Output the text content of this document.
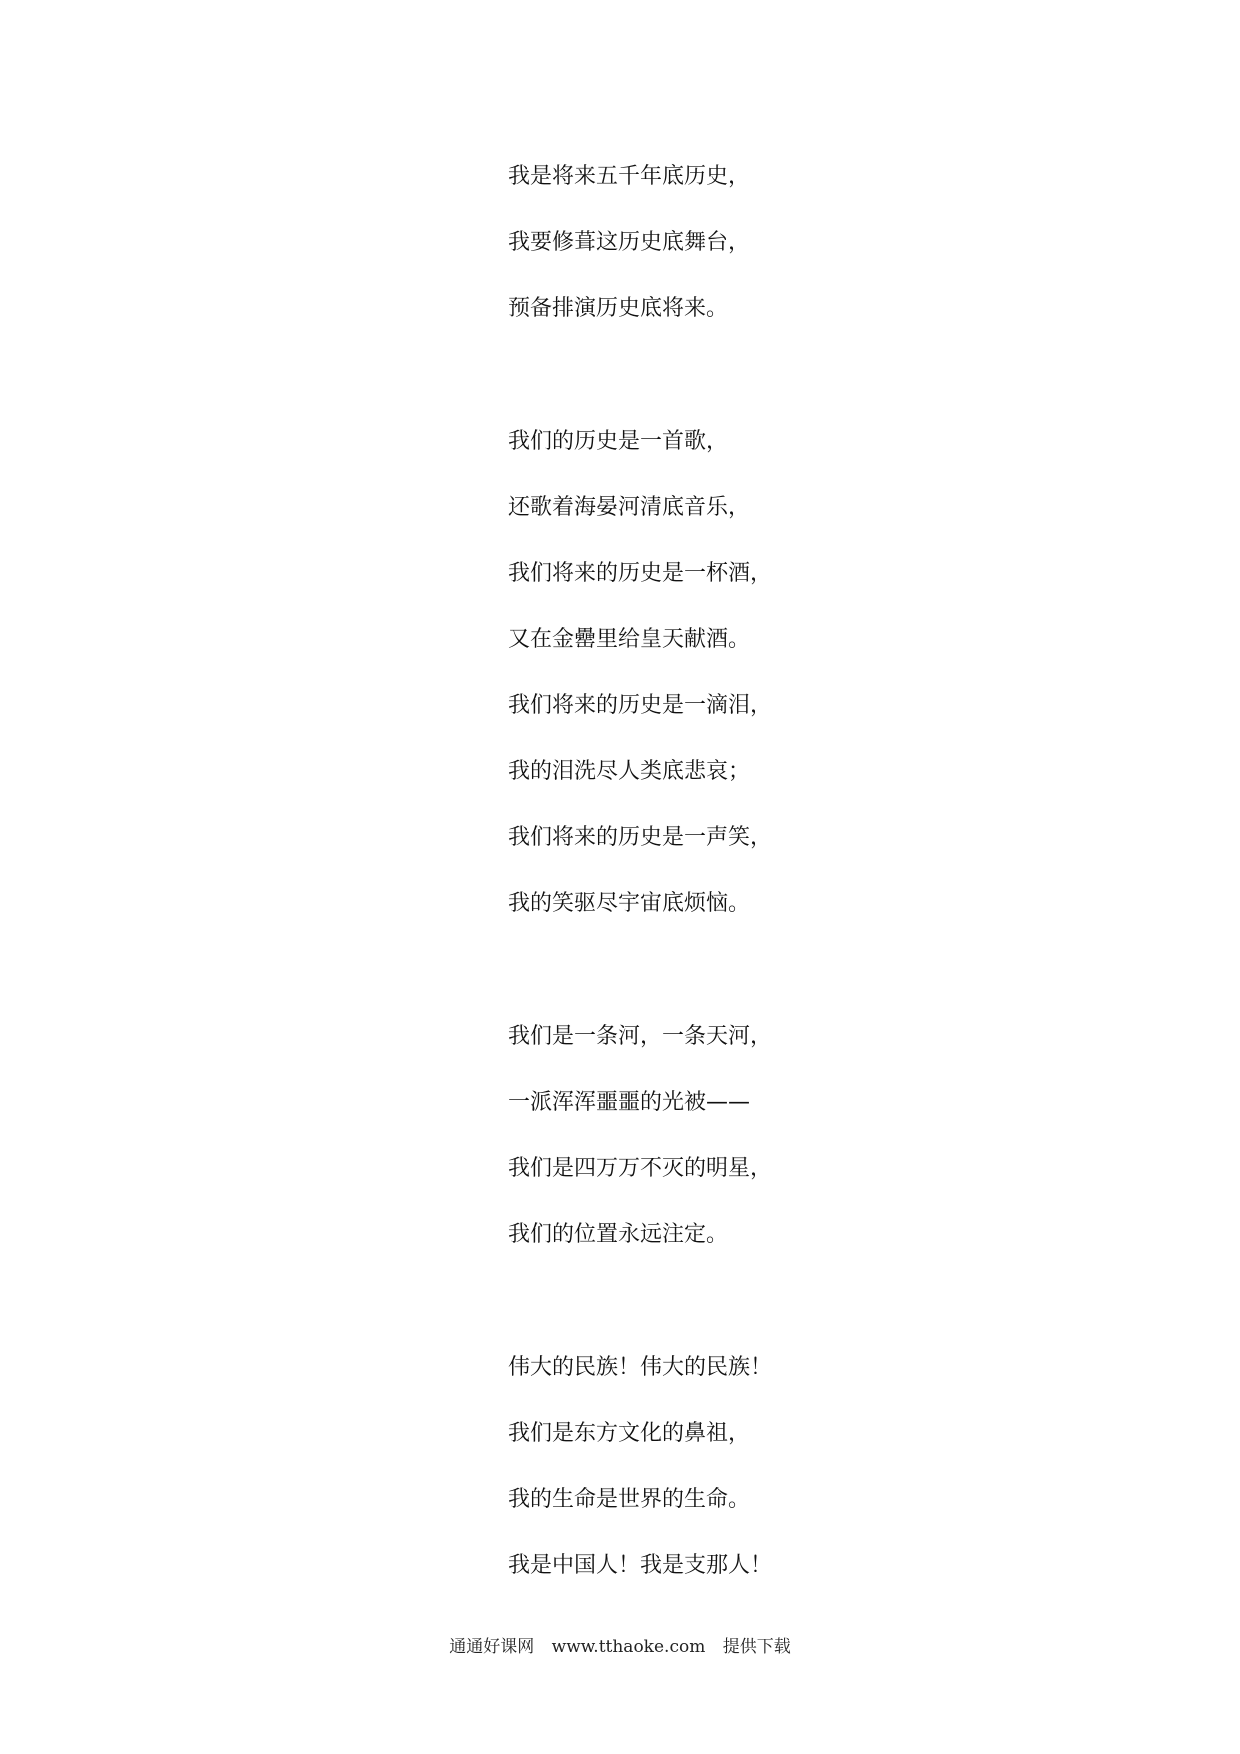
我是将来五千年底历史，
我要修葺这历史底舞台，
预备排演历史底将来。
我们的历史是一首歌，
还歌着海晏河清底音乐，
我们将来的历史是一杯酒，
又在金罍里给皇天献酒。
我们将来的历史是一滴泪，
我的泪洗尽人类底悲哀；
我们将来的历史是一声笑，
我的笑驱尽宇宙底烦恼。
我们是一条河，一条天河，
一派浑浑噩噩的光被——
我们是四万万不灭的明星，
我们的位置永远注定。
伟大的民族！伟大的民族！
我们是东方文化的鼻祖，
我的生命是世界的生命。
我是中国人！我是支那人！
通通好课网 www.tthaoke.com 提供下载
